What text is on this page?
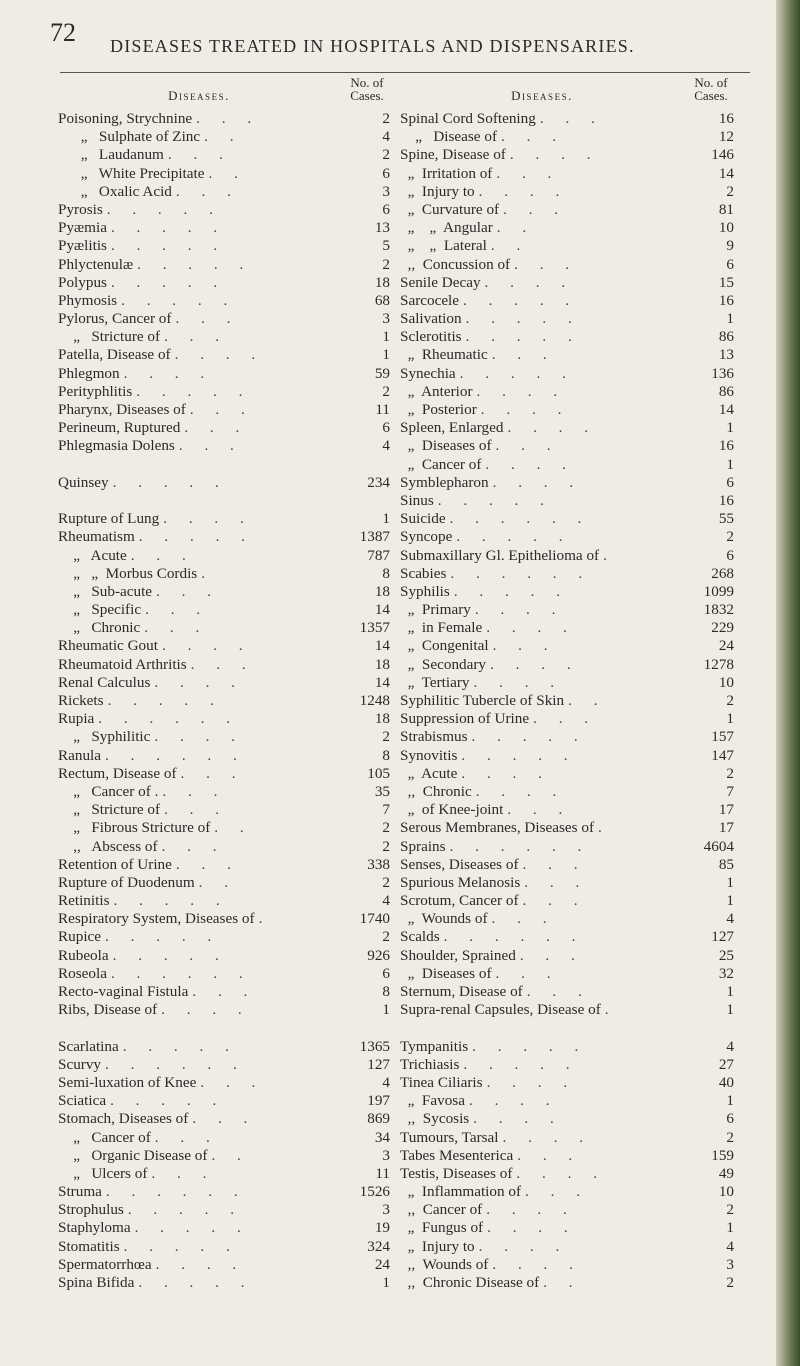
72 DISEASES TREATED IN HOSPITALS AND DISPENSARIES.
Diseases.
No. of Cases.
Poisoning, Strychnine . . .	2
„   Sulphate of Zinc . .	4
„   Laudanum . . .	2
„   White Precipitate . .	6
„   Oxalic Acid . . .	3
Pyrosis . . . . .	6
Pyæmia . . . . .	13
Pyælitis . . . . .	5
Phlyctenulæ . . . . .	2
Polypus . . . . .	18
Phymosis . . . . .	68
Pylorus, Cancer of . . .	3
„   Stricture of . . .	1
Patella, Disease of . . . .	1
Phlegmon . . . .	59
Perityphlitis . . . . .	2
Pharynx, Diseases of . . .	11
Perineum, Ruptured . . .	6
Phlegmasia Dolens . . .	4
Quinsey . . . . .	234
Rupture of Lung . . . .	1
Rheumatism . . . . .	1387
„   Acute . . .	787
„   „  Morbus Cordis .	8
„   Sub-acute . . .	18
„   Specific . . .	14
„   Chronic . . .	1357
Rheumatic Gout . . . .	14
Rheumatoid Arthritis . . .	18
Renal Calculus . . . .	14
Rickets . . . . .	1248
Rupia . . . . . .	18
„   Syphilitic . . . .	2
Ranula . . . . . .	8
Rectum, Disease of . . .	105
„   Cancer of . . . .	35
„   Stricture of . . .	7
„   Fibrous Stricture of . .	2
,,   Abscess of . . .	2
Retention of Urine . . .	338
Rupture of Duodenum . .	2
Retinitis . . . . .	4
Respiratory System, Diseases of .	1740
Rupice . . . . .	2
Rubeola . . . . .	926
Roseola . . . . . .	6
Recto-vaginal Fistula . . .	8
Ribs, Disease of . . . .	1
Scarlatina . . . . .	1365
Scurvy . . . . . .	127
Semi-luxation of Knee . . .	4
Sciatica . . . . .	197
Stomach, Diseases of . . .	869
„   Cancer of . . .	34
„   Organic Disease of . .	3
„   Ulcers of . . .	11
Struma . . . . . .	1526
Strophulus . . . . .	3
Staphyloma . . . . .	19
Stomatitis . . . . .	324
Spermatorrhœa . . . .	24
Spina Bifida . . . . .	1
Diseases.
No. of Cases.
Spinal Cord Softening . . .	16
„   Disease of . . .	12
Spine, Disease of . . . .	146
„  Irritation of . . .	14
„  Injury to . . . .	2
„  Curvature of . . .	81
„    „  Angular . .	10
„    „  Lateral . .	9
,,  Concussion of . . .	6
Senile Decay . . . .	15
Sarcocele . . . . .	16
Salivation . . . . .	1
Sclerotitis . . . . .	86
„  Rheumatic . . .	13
Synechia . . . . .	136
„  Anterior . . . .	86
„  Posterior . . . .	14
Spleen, Enlarged . . . .	1
„  Diseases of . . .	16
„  Cancer of . . . .	1
Symblepharon . . . .	6
Sinus . . . . .	16
Suicide . . . . . .	55
Syncope . . . . .	2
Submaxillary Gl. Epithelioma of .	6
Scabies . . . . . .	268
Syphilis . . . . .	1099
„  Primary . . . .	1832
„  in Female . . . .	229
„  Congenital . . .	24
„  Secondary . . . .	1278
„  Tertiary . . . .	10
Syphilitic Tubercle of Skin . .	2
Suppression of Urine . . .	1
Strabismus . . . . .	157
Synovitis . . . . .	147
„  Acute . . . .	2
,,  Chronic . . . .	7
„  of Knee-joint . . .	17
Serous Membranes, Diseases of .	17
Sprains . . . . . .	4604
Senses, Diseases of . . .	85
Spurious Melanosis . . .	1
Scrotum, Cancer of . . .	1
„  Wounds of . . .	4
Scalds . . . . . .	127
Shoulder, Sprained . . .	25
„  Diseases of . . .	32
Sternum, Disease of . . .	1
Supra-renal Capsules, Disease of .	1
Tympanitis . . . . .	4
Trichiasis . . . . .	27
Tinea Ciliaris . . . .	40
„  Favosa . . . .	1
,,  Sycosis . . . .	6
Tumours, Tarsal . . . .	2
Tabes Mesenterica . . .	159
Testis, Diseases of . . . .	49
„  Inflammation of . . .	10
,,  Cancer of . . . .	2
„  Fungus of . . . .	1
„  Injury to . . . .	4
,,  Wounds of . . . .	3
,,  Chronic Disease of . .	2
